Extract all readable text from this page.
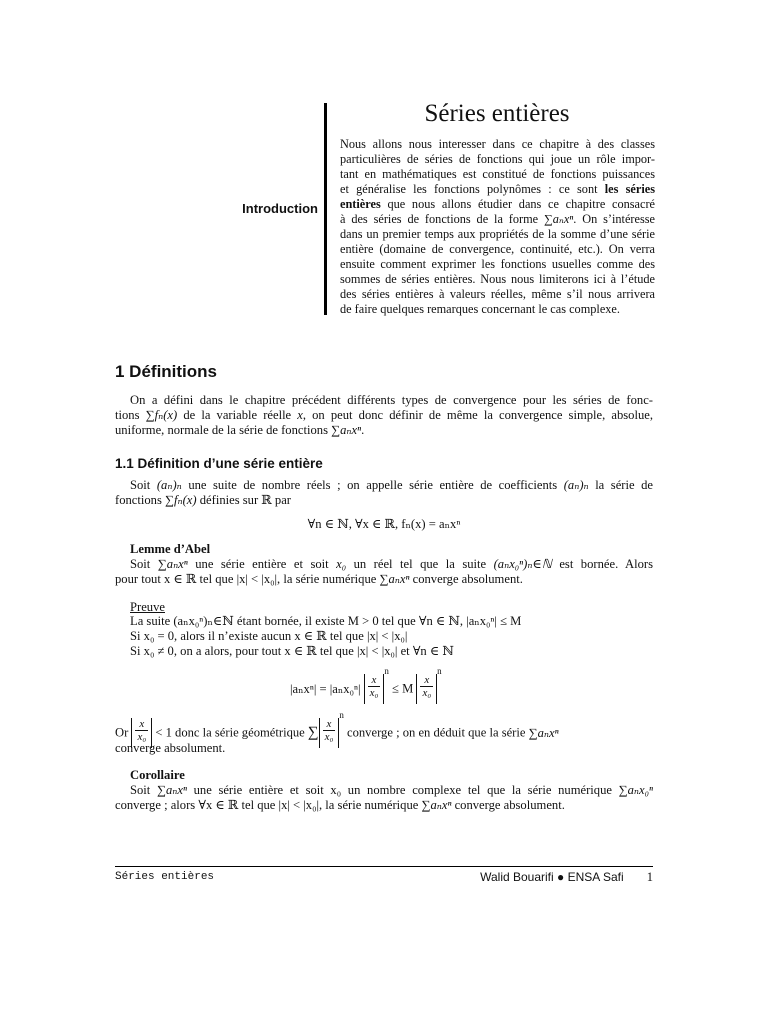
Séries entières
Introduction
Nous allons nous interesser dans ce chapitre à des classes
particulières de séries de fonctions qui joue un rôle impor-
tant en mathématiques est constitué de fonctions puissances
et généralise les fonctions polynômes : ce sont les séries
entières que nous allons étudier dans ce chapitre consacré
à des séries de fonctions de la forme ∑aₙxⁿ. On s’intéresse
dans un premier temps aux propriétés de la somme d’une série
entière (domaine de convergence, continuité, etc.). On verra
ensuite comment exprimer les fonctions usuelles comme des
sommes de séries entières. Nous nous limiterons ici à l’étude
des séries entières à valeurs réelles, même s’il nous arrivera
de faire quelques remarques concernant le cas complexe.
1 Définitions
On a défini dans le chapitre précédent différents types de convergence pour les séries de fonc-
tions ∑fₙ(x) de la variable réelle x, on peut donc définir de même la convergence simple, absolue,
uniforme, normale de la série de fonctions ∑aₙxⁿ.
1.1 Définition d’une série entière
Soit (aₙ)ₙ une suite de nombre réels ; on appelle série entière de coefficients (aₙ)ₙ la série de
fonctions ∑fₙ(x) définies sur ℝ par
∀n ∈ ℕ, ∀x ∈ ℝ, fₙ(x) = aₙxⁿ
Lemme d’Abel
Soit ∑aₙxⁿ une série entière et soit x₀ un réel tel que la suite (aₙx₀ⁿ)ₙ∈ℕ est bornée. Alors
pour tout x ∈ ℝ tel que |x| < |x₀|, la série numérique ∑aₙxⁿ converge absolument.
Preuve
La suite (aₙx₀ⁿ)ₙ∈ℕ étant bornée, il existe M > 0 tel que ∀n ∈ ℕ, |aₙx₀ⁿ| ≤ M
Si x₀ = 0, alors il n’existe aucun x ∈ ℝ tel que |x| < |x₀|
Si x₀ ≠ 0, on a alors, pour tout x ∈ ℝ tel que |x| < |x₀| et ∀n ∈ ℕ
$|a_nx^n| = |a_nx_0^n| \frac{x}{\text{x₀}}$
$^n$ ≤ M $\frac{x}{\text{x₀}}$
$^n$
Or $\frac{x}{\text{x₀}} < 1$ donc la série géométrique ∑ $\frac{x}{\text{x₀}}$
$^n$ converge ; on en déduit que la série ∑aₙxⁿ
converge absolument.
Corollaire
Soit ∑aₙxⁿ une série entière et soit x₀ un nombre complexe tel que la série numérique ∑aₙx₀ⁿ
converge ; alors ∀x ∈ ℝ tel que |x| < |x₀|, la série numérique ∑aₙxⁿ converge absolument.
Séries entières	Walid Bouarifi ● ENSA Safi 1
